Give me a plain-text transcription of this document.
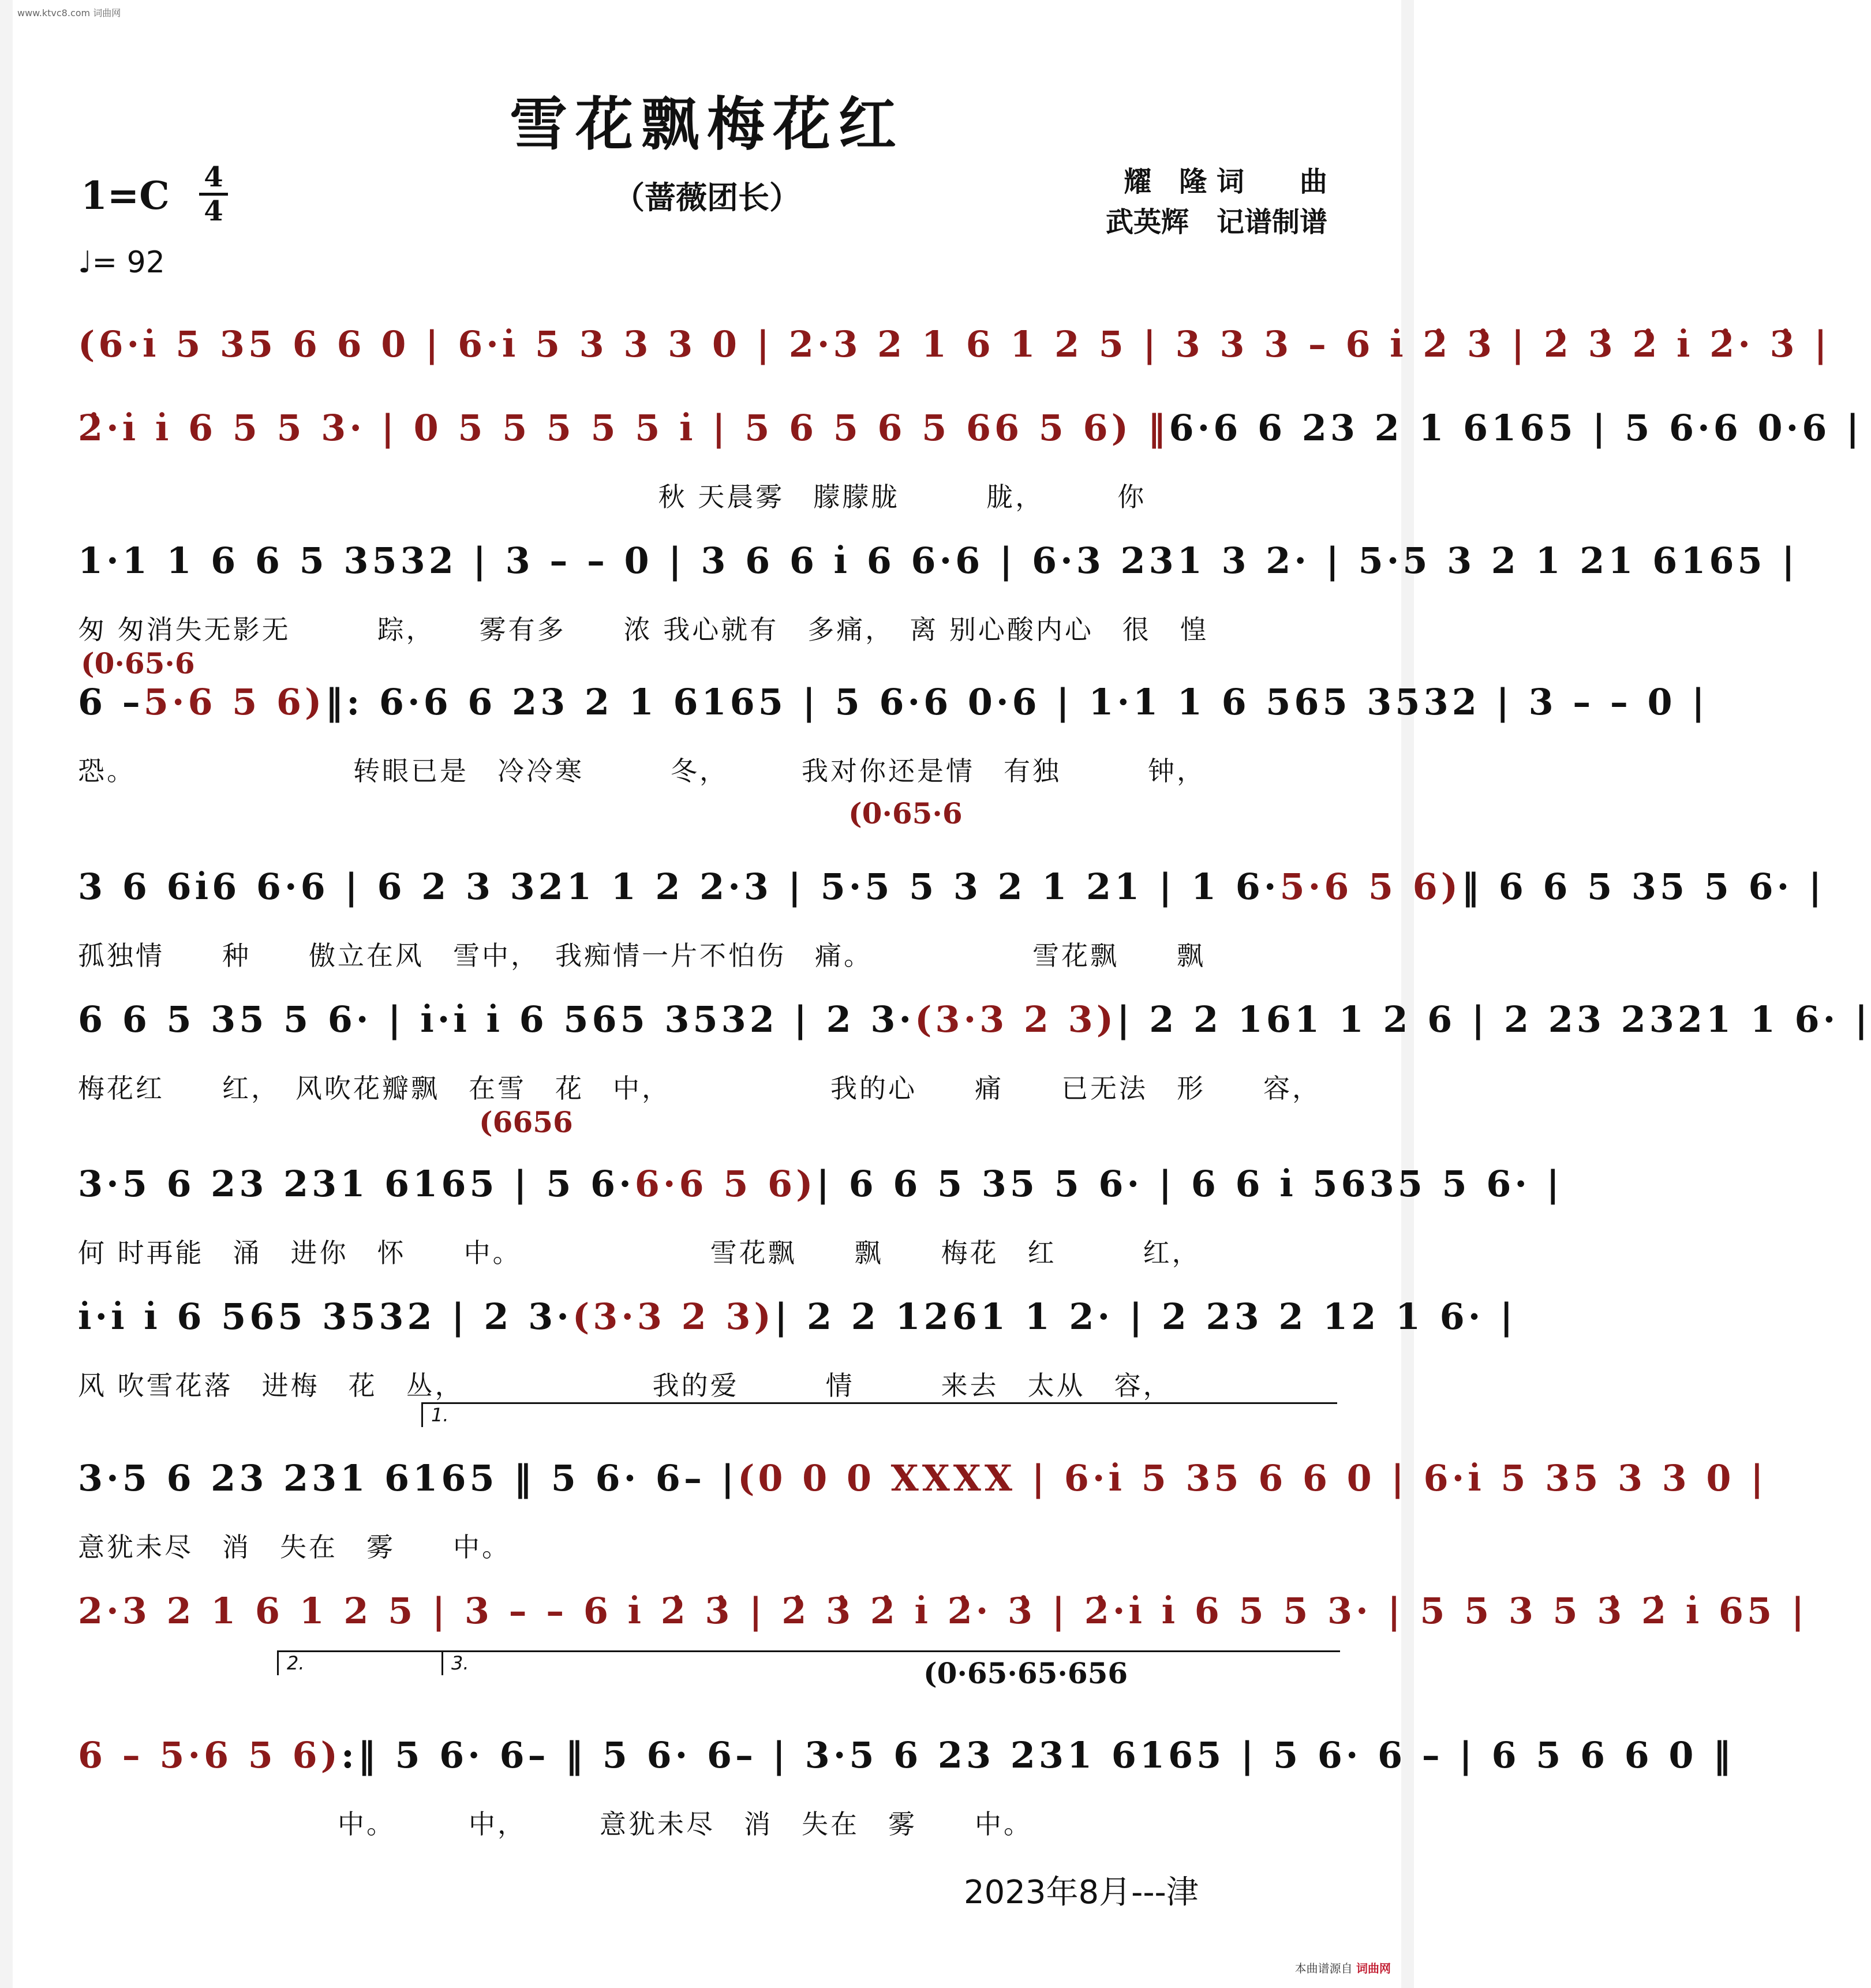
www.ktvc8.com 词曲网
雪花飘梅花红
（蔷薇团长）
1=C 4
4
♩= 92
耀　隆 词　　曲
武英辉　记谱制谱
(0·65·6
(0·65·6
(6656
(0·65·65·656
1.
2.	3.
(6·i̇ 5 35 6 6 0 | 6·i̇ 5 3 3 3 0 | 2·3 2 1 6 1 2 5 | 3 3 3 – 6 i̇ 2̇ 3̇ | 2̇ 3̇ 2̇ i̇ 2̇· 3̇ |
2̇·i̇ i̇ 6 5 5 3· | 0 5 5 5 5 5 i̇ | 5 6 5 6 5 66 5 6) ‖6·6 6 23 2 1 6165 | 5 6·6 0·6 |
秋 天晨雾　朦朦胧　　　胧，　　　你
1·1 1 6 6 5 3532 | 3 – – 0 | 3 6 6 i̇ 6 6·6 | 6·3 231 3 2· | 5·5 3 2 1 21 6165 |
匆 匆消失无影无　　　踪，　　雾有多　　浓 我心就有　多痛，　离 别心酸内心　很　惶
6 –5·6 5 6)‖: 6·6 6 23 2 1 6165 | 5 6·6 0·6 | 1·1 1 6 565 3532 | 3 – – 0 |
恐。　　　　　　　　转眼已是　冷冷寒　　　冬，　　　我对你还是情　有独　　　钟，
3 6 6i̇6 6·6 | 6 2 3 321 1 2 2·3 | 5·5 5 3 2 1 21 | 1 6·5·6 5 6)‖ 6 6 5 35 5 6· |
孤独情　　种　　傲立在风　雪中，　我痴情一片不怕伤　痛。　　　　　　雪花飘　　飘
6 6 5 35 5 6· | i̇·i̇ i̇ 6 565 3532 | 2 3·(3·3 2 3)| 2 2 161 1 2 6 | 2 23 2321 1 6· |
梅花红　　红，　风吹花瓣飘　在雪　花　中，　　　　　　我的心　　痛　　已无法　形　　容，
3·5 6 23 231 6165 | 5 6·6·6 5 6)| 6 6 5 35 5 6· | 6 6 i̇ 5635 5 6· |
何 时再能　涌　进你　怀　　中。　　　　　　　雪花飘　　飘　　梅花　红　　　红，
i̇·i̇ i̇ 6 565 3532 | 2 3·(3·3 2 3)| 2 2 1261 1 2· | 2 23 2 12 1 6· |
风 吹雪花落　进梅　花　丛，　　　　　　　我的爱　　　情　　　来去　太从　容，
3·5 6 23 231 6165 ‖ 5 6· 6– |(0 0 0 XXXX | 6·i̇ 5 35 6 6 0 | 6·i̇ 5 35 3 3 0 |
意犹未尽　消　失在　雾　　中。
2·3 2 1 6 1 2 5 | 3 – – 6 i̇ 2̇ 3̇ | 2̇ 3̇ 2̇ i̇ 2̇· 3̇ | 2̇·i̇ i̇ 6 5 5 3· | 5 5 3 5 3̇ 2̇ i̇ 65 |
6 – 5·6 5 6):‖ 5 6· 6– ‖ 5 6· 6– | 3·5 6 23 231 6165 | 5 6· 6 – | 6 5 6 6 0 ‖
　　　　　　　　　中。　　　中，　　　意犹未尽　消　失在　雾　　中。
2023年8月---津
本曲谱源自 词曲网
